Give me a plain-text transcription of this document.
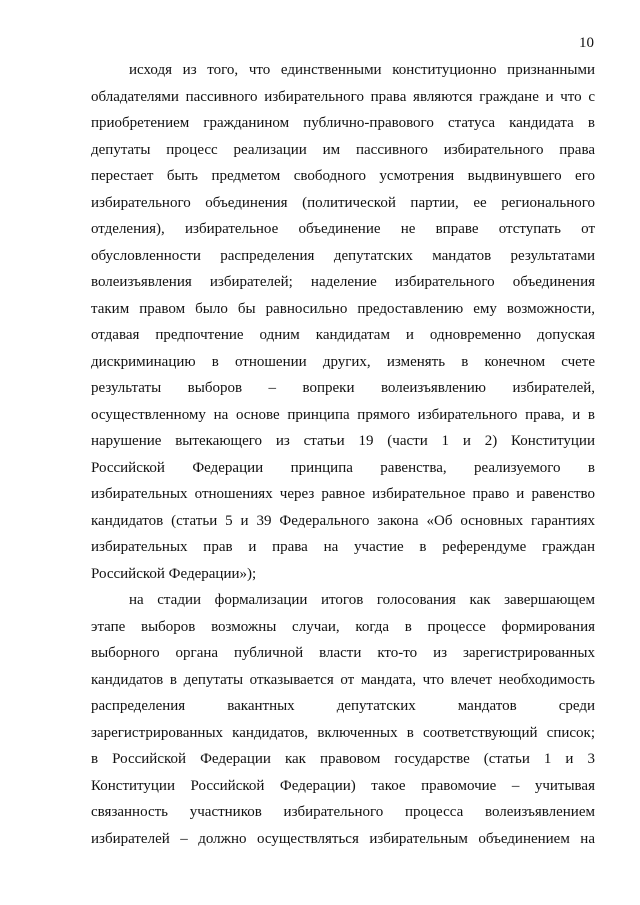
10
исходя из того, что единственными конституционно признанными
обладателями пассивного избирательного права являются граждане и что с
приобретением гражданином публично-правового статуса кандидата в
депутаты процесс реализации им пассивного избирательного права
перестает быть предметом свободного усмотрения выдвинувшего его
избирательного объединения (политической партии, ее регионального
отделения), избирательное объединение не вправе отступать от
обусловленности распределения депутатских мандатов результатами
волеизъявления избирателей; наделение избирательного объединения
таким правом было бы равносильно предоставлению ему возможности,
отдавая предпочтение одним кандидатам и одновременно допуская
дискриминацию в отношении других, изменять в конечном счете
результаты выборов – вопреки волеизъявлению избирателей,
осуществленному на основе принципа прямого избирательного права, и в
нарушение вытекающего из статьи 19 (части 1 и 2) Конституции
Российской Федерации принципа равенства, реализуемого в
избирательных отношениях через равное избирательное право и равенство
кандидатов (статьи 5 и 39 Федерального закона «Об основных гарантиях
избирательных прав и права на участие в референдуме граждан
Российской Федерации»);
на стадии формализации итогов голосования как завершающем
этапе выборов возможны случаи, когда в процессе формирования
выборного органа публичной власти кто-то из зарегистрированных
кандидатов в депутаты отказывается от мандата, что влечет необходимость
распределения вакантных депутатских мандатов среди
зарегистрированных кандидатов, включенных в соответствующий список;
в Российской Федерации как правовом государстве (статьи 1 и 3
Конституции Российской Федерации) такое правомочие – учитывая
связанность участников избирательного процесса волеизъявлением
избирателей – должно осуществляться избирательным объединением на
